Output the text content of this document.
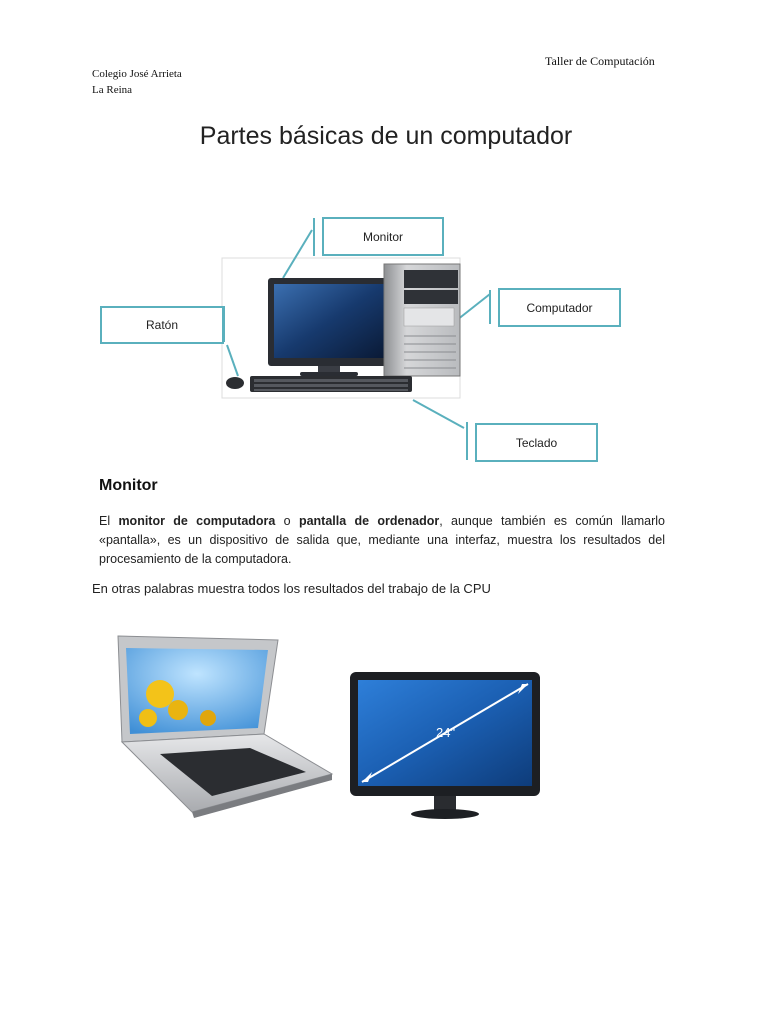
Taller de Computación
Colegio José Arrieta
La Reina
Partes básicas de un computador
Monitor
Computador
Ratón
Teclado
Monitor
El monitor de computadora o pantalla de ordenador, aunque también es común llamarlo «pantalla», es un dispositivo de salida que, mediante una interfaz, muestra los resultados del procesamiento de la computadora.
En otras palabras muestra todos los resultados del trabajo de la CPU
24"
